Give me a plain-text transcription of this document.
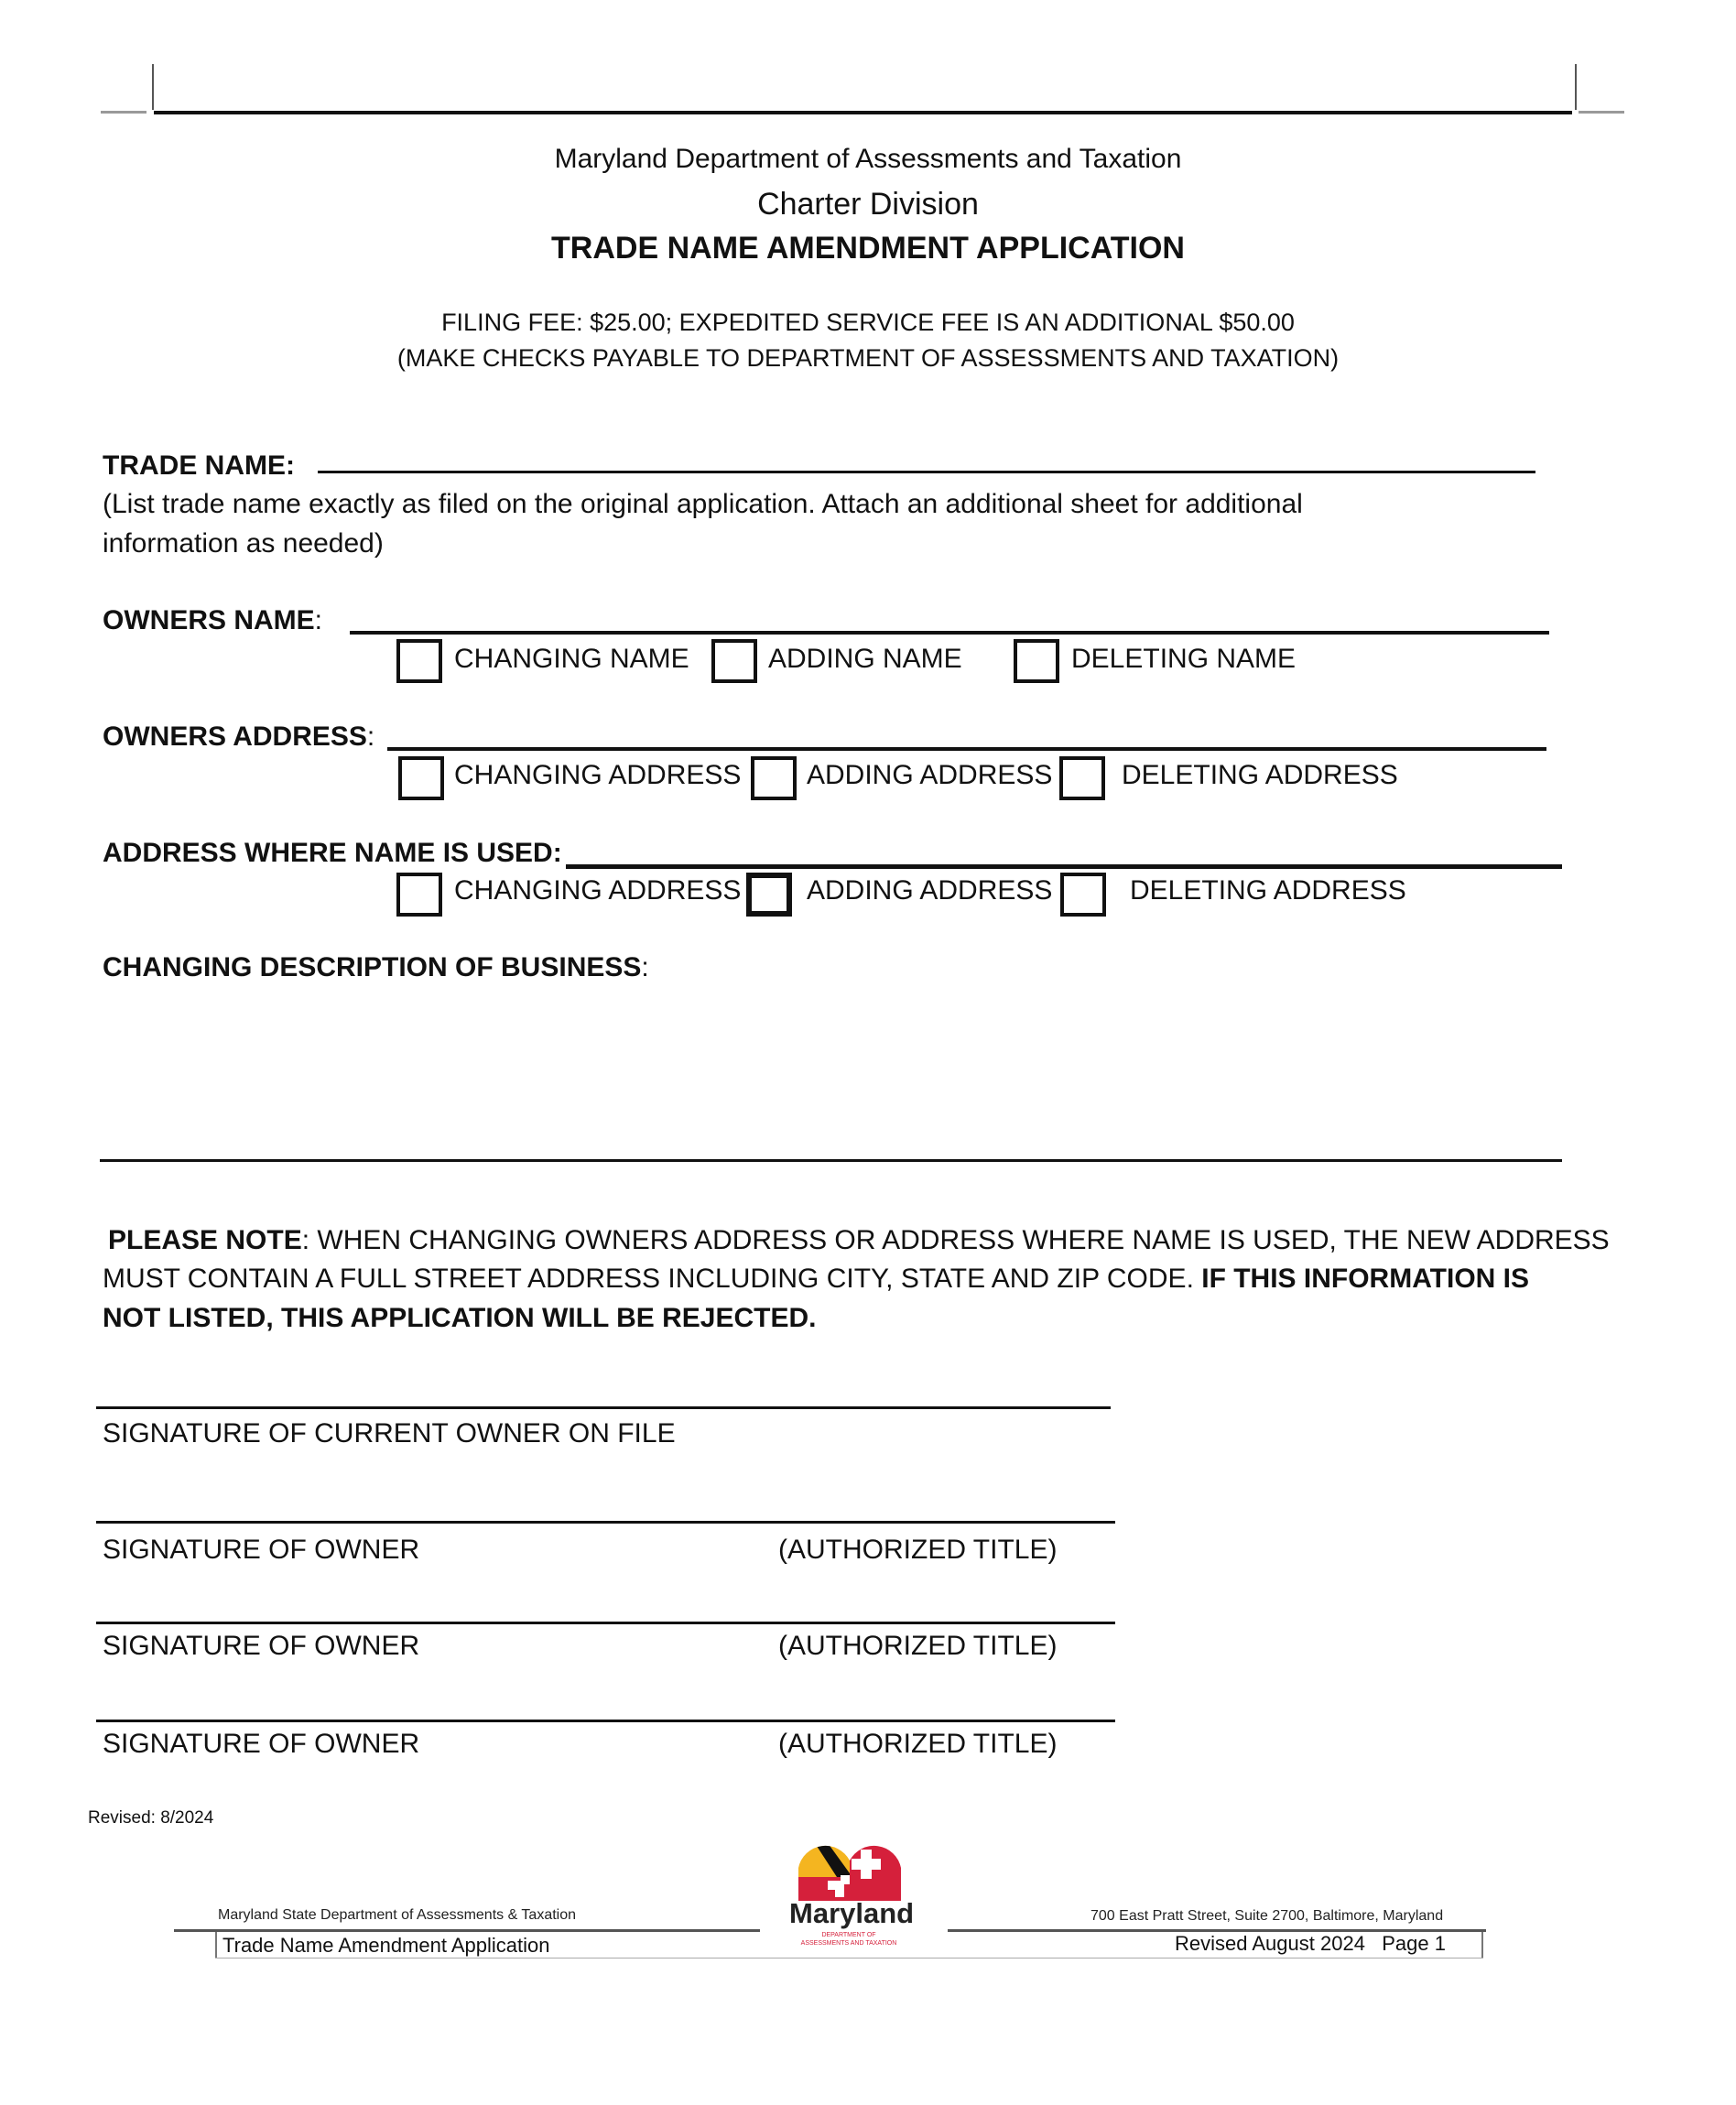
Maryland Department of Assessments and Taxation
Charter Division
TRADE NAME AMENDMENT APPLICATION
FILING FEE: $25.00; EXPEDITED SERVICE FEE IS AN ADDITIONAL $50.00
(MAKE CHECKS PAYABLE TO DEPARTMENT OF ASSESSMENTS AND TAXATION)
TRADE NAME:
(List trade name exactly as filed on the original application. Attach an additional sheet for additional
information as needed)
OWNERS NAME:
CHANGING NAME	ADDING NAME	DELETING NAME
OWNERS ADDRESS:
CHANGING ADDRESS ADDING ADDRESS	DELETING ADDRESS
ADDRESS WHERE NAME IS USED:
CHANGING ADDRESS ADDING ADDRESS	DELETING ADDRESS
CHANGING DESCRIPTION OF BUSINESS:
PLEASE NOTE: WHEN CHANGING OWNERS ADDRESS OR ADDRESS WHERE NAME IS USED, THE NEW ADDRESS
MUST CONTAIN A FULL STREET ADDRESS INCLUDING CITY, STATE AND ZIP CODE. IF THIS INFORMATION IS
NOT LISTED, THIS APPLICATION WILL BE REJECTED.
SIGNATURE OF CURRENT OWNER ON FILE
SIGNATURE OF OWNER	(AUTHORIZED TITLE)
SIGNATURE OF OWNER	(AUTHORIZED TITLE)
SIGNATURE OF OWNER	(AUTHORIZED TITLE)
Revised: 8/2024
Maryland
DEPARTMENT OF
ASSESSMENTS AND TAXATION
Maryland State Department of Assessments & Taxation	700 East Pratt Street, Suite 2700, Baltimore, Maryland
Trade Name Amendment Application	Revised August 2024   Page 1
